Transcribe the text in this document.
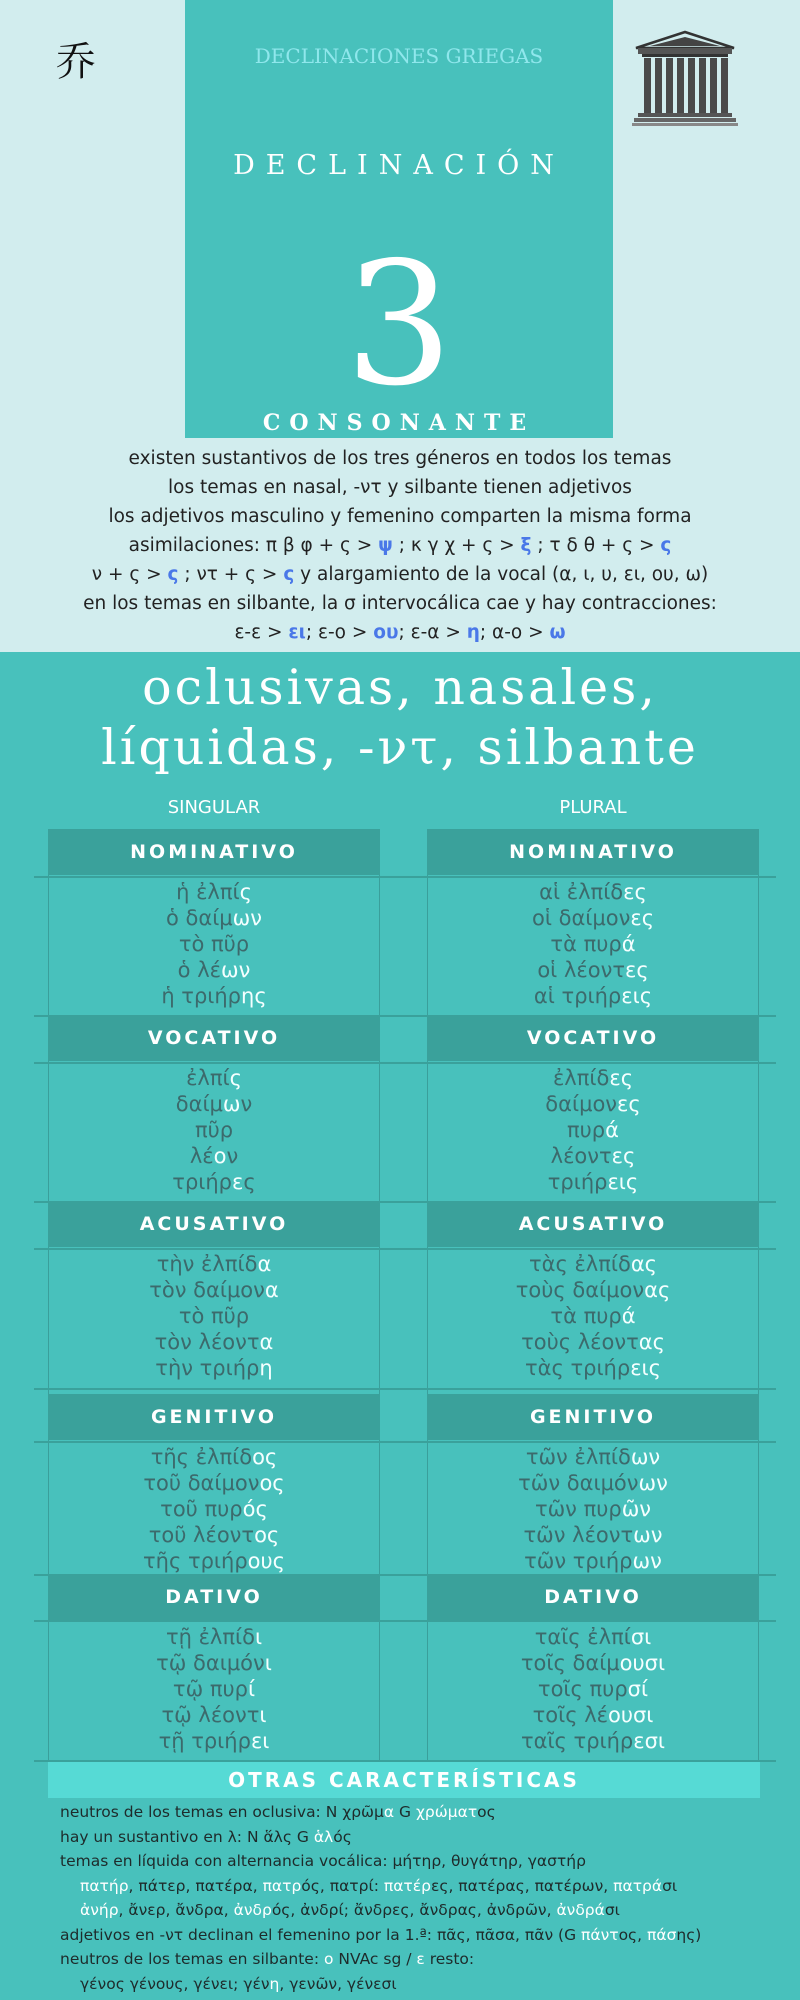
乔	DECLINACIONES GRIEGAS
DECLINACIÓN
3
CONSONANTE
existen sustantivos de los tres géneros en todos los temas
los temas en nasal, -ντ y silbante tienen adjetivos
los adjetivos masculino y femenino comparten la misma forma
asimilaciones: π β φ + ς > ψ ; κ γ χ + ς > ξ ; τ δ θ + ς > ς
ν + ς > ς ; ντ + ς > ς y alargamiento de la vocal (α, ι, υ, ει, ου, ω)
en los temas en silbante, la σ intervocálica cae y hay contracciones:
ε-ε > ει; ε-ο > ου; ε-α > η; α-ο > ω
oclusivas, nasales,
líquidas, -ντ, silbante
SINGULAR	PLURAL
NOMINATIVO
ἡ ἐλπίς
ὁ δαίμων
τὸ πῦρ
ὁ λέων
ἡ τριήρης
VOCATIVO
ἐλπίς
δαίμων
πῦρ
λέον
τριήρες
ACUSATIVO
τὴν ἐλπίδα
τὸν δαίμονα
τὸ πῦρ
τὸν λέοντα
τὴν τριήρη
GENITIVO
τῆς ἐλπίδος
τοῦ δαίμονος
τοῦ πυρός
τοῦ λέοντος
τῆς τριήρους
DATIVO
τῇ ἐλπίδι
τῷ δαιμόνι
τῷ πυρί
τῷ λέοντι
τῇ τριήρει
NOMINATIVO
αἱ ἐλπίδες
οἱ δαίμονες
τὰ πυρά
οἱ λέοντες
αἱ τριήρεις
VOCATIVO
ἐλπίδες
δαίμονες
πυρά
λέοντες
τριήρεις
ACUSATIVO
τὰς ἐλπίδας
τοὺς δαίμονας
τὰ πυρά
τοὺς λέοντας
τὰς τριήρεις
GENITIVO
τῶν ἐλπίδων
τῶν δαιμόνων
τῶν πυρῶν
τῶν λέοντων
τῶν τριήρων
DATIVO
ταῖς ἐλπίσι
τοῖς δαίμουσι
τοῖς πυρσί
τοῖς λέουσι
ταῖς τριήρεσι
OTRAS CARACTERÍSTICAS
neutros de los temas en oclusiva: N χρῶμα G χρώματος
hay un sustantivo en λ: N ἅλς G ἁλός
temas en líquida con alternancia vocálica: μήτηρ, θυγάτηρ, γαστήρ
πατήρ, πάτερ, πατέρα, πατρός, πατρί: πατέρες, πατέρας, πατέρων, πατράσι
ἀνήρ, ἄνερ, ἄνδρα, ἀνδρός, ἀνδρί; ἄνδρες, ἄνδρας, ἀνδρῶν, ἀνδράσι
adjetivos en -ντ declinan el femenino por la 1.ª: πᾶς, πᾶσα, πᾶν (G πάντος, πάσης)
neutros de los temas en silbante: ο NVAc sg / ε resto:
γένος γένους, γένει; γένη, γενῶν, γένεσι
